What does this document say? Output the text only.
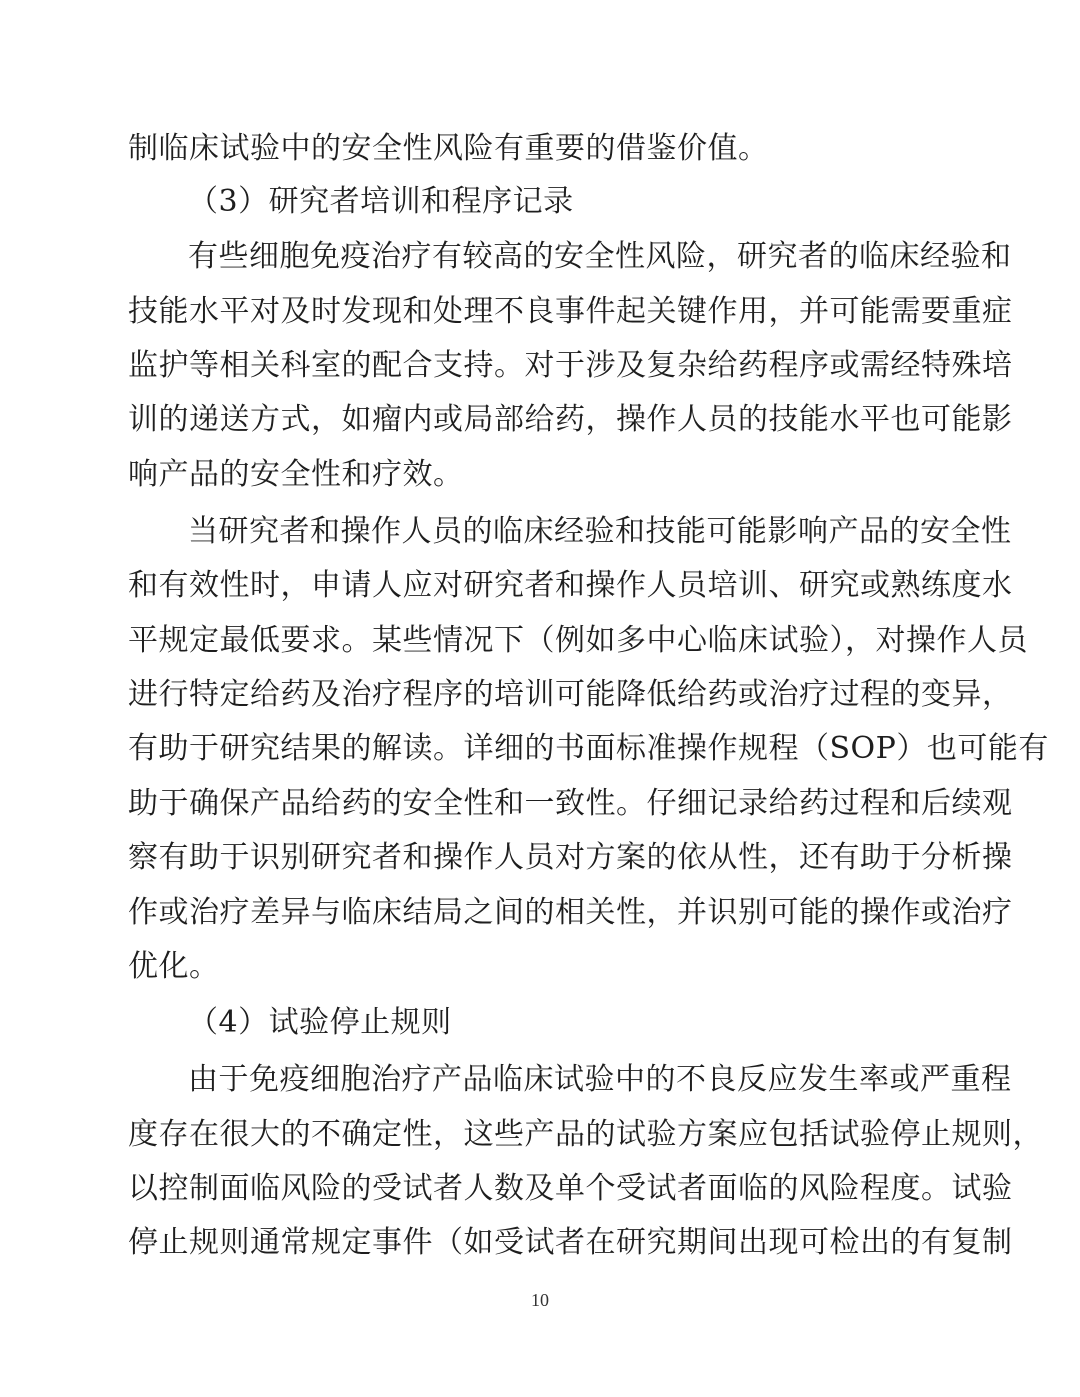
制临床试验中的安全性风险有重要的借鉴价值。
（3）研究者培训和程序记录
有些细胞免疫治疗有较高的安全性风险，研究者的临床经验和
技能水平对及时发现和处理不良事件起关键作用，并可能需要重症
监护等相关科室的配合支持。对于涉及复杂给药程序或需经特殊培
训的递送方式，如瘤内或局部给药，操作人员的技能水平也可能影
响产品的安全性和疗效。
当研究者和操作人员的临床经验和技能可能影响产品的安全性
和有效性时，申请人应对研究者和操作人员培训、研究或熟练度水
平规定最低要求。某些情况下（例如多中心临床试验），对操作人员
进行特定给药及治疗程序的培训可能降低给药或治疗过程的变异，
有助于研究结果的解读。详细的书面标准操作规程（SOP）也可能有
助于确保产品给药的安全性和一致性。仔细记录给药过程和后续观
察有助于识别研究者和操作人员对方案的依从性，还有助于分析操
作或治疗差异与临床结局之间的相关性，并识别可能的操作或治疗
优化。
（4）试验停止规则
由于免疫细胞治疗产品临床试验中的不良反应发生率或严重程
度存在很大的不确定性，这些产品的试验方案应包括试验停止规则，
以控制面临风险的受试者人数及单个受试者面临的风险程度。试验
停止规则通常规定事件（如受试者在研究期间出现可检出的有复制
10
